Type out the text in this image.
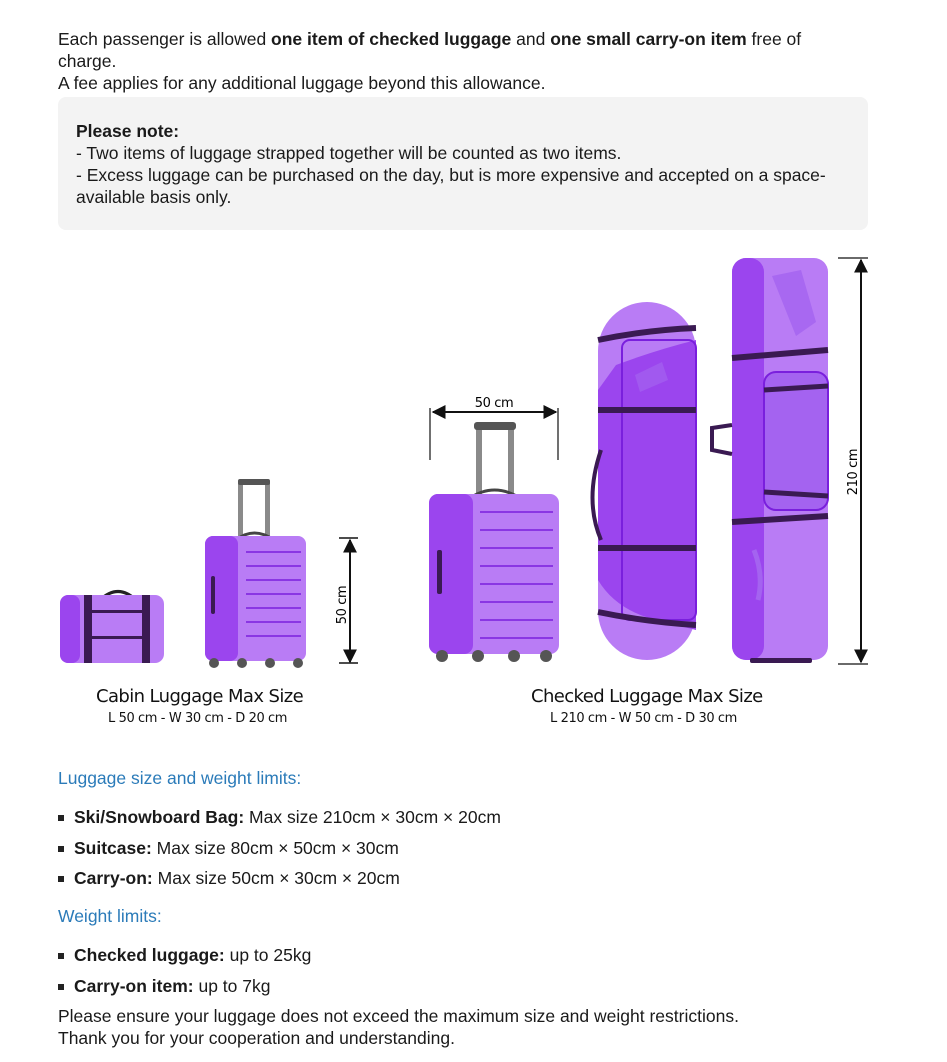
Each passenger is allowed one item of checked luggage and one small carry-on item free of charge.
A fee applies for any additional luggage beyond this allowance.

Please note:
- Two items of luggage strapped together will be counted as two items.
- Excess luggage can be purchased on the day, but is more expensive and accepted on a space-available basis only.
50 cm
50 cm
210 cm
Cabin Luggage Max Size
L 50 cm - W 30 cm - D 20 cm
Checked Luggage Max Size
L 210 cm - W 50 cm - D 30 cm
Luggage size and weight limits:
Ski/Snowboard Bag: Max size 210cm × 30cm × 20cm
Suitcase: Max size 80cm × 50cm × 30cm
Carry-on: Max size 50cm × 30cm × 20cm
Weight limits:
Checked luggage: up to 25kg
Carry-on item: up to 7kg

Please ensure your luggage does not exceed the maximum size and weight restrictions.
Thank you for your cooperation and understanding.
